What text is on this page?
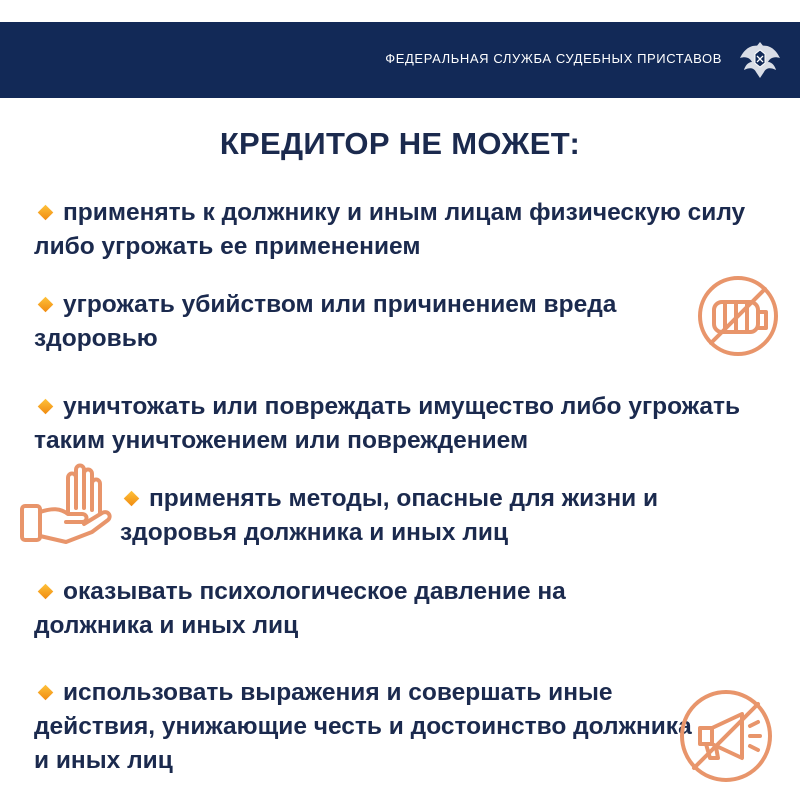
ФЕДЕРАЛЬНАЯ СЛУЖБА СУДЕБНЫХ ПРИСТАВОВ
КРЕДИТОР НЕ МОЖЕТ:

применять к должнику и иным лицам физическую силу либо угрожать ее применением

угрожать убийством или причинением вреда здоровью

уничтожать или повреждать имущество либо угрожать таким уничтожением или повреждением

применять методы, опасные для жизни и здоровья должника и иных лиц

оказывать психологическое давление на должника и иных лиц

использовать выражения и совершать иные действия, унижающие честь и достоинство должника и иных лиц
